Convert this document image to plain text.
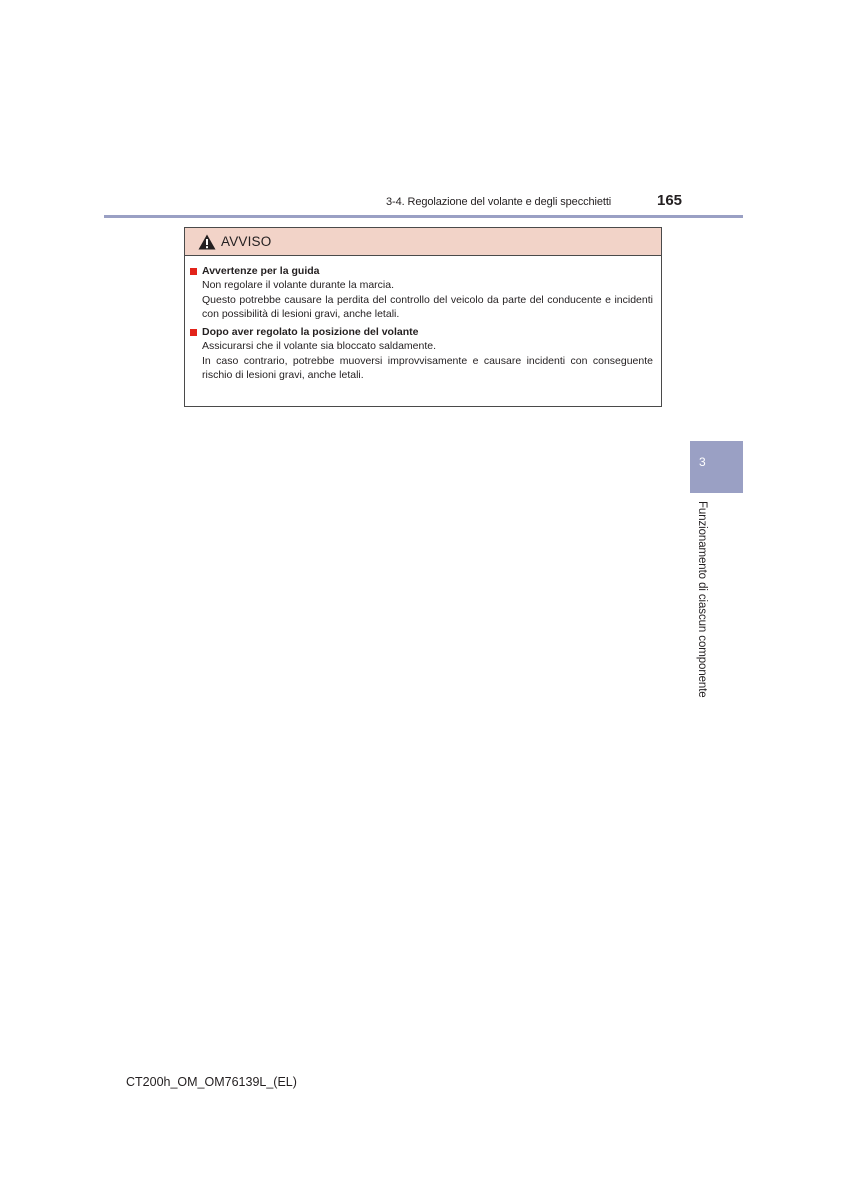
3-4. Regolazione del volante e degli specchietti	165
AVVISO
Avvertenze per la guida

Non regolare il volante durante la marcia.

Questo potrebbe causare la perdita del controllo del veicolo da parte del conducente e incidenti con possibilità di lesioni gravi, anche letali.

Dopo aver regolato la posizione del volante

Assicurarsi che il volante sia bloccato saldamente.

In caso contrario, potrebbe muoversi improvvisamente e causare incidenti con conseguente rischio di lesioni gravi, anche letali.

3
Funzionamento di ciascun componente
CT200h_OM_OM76139L_(EL)
